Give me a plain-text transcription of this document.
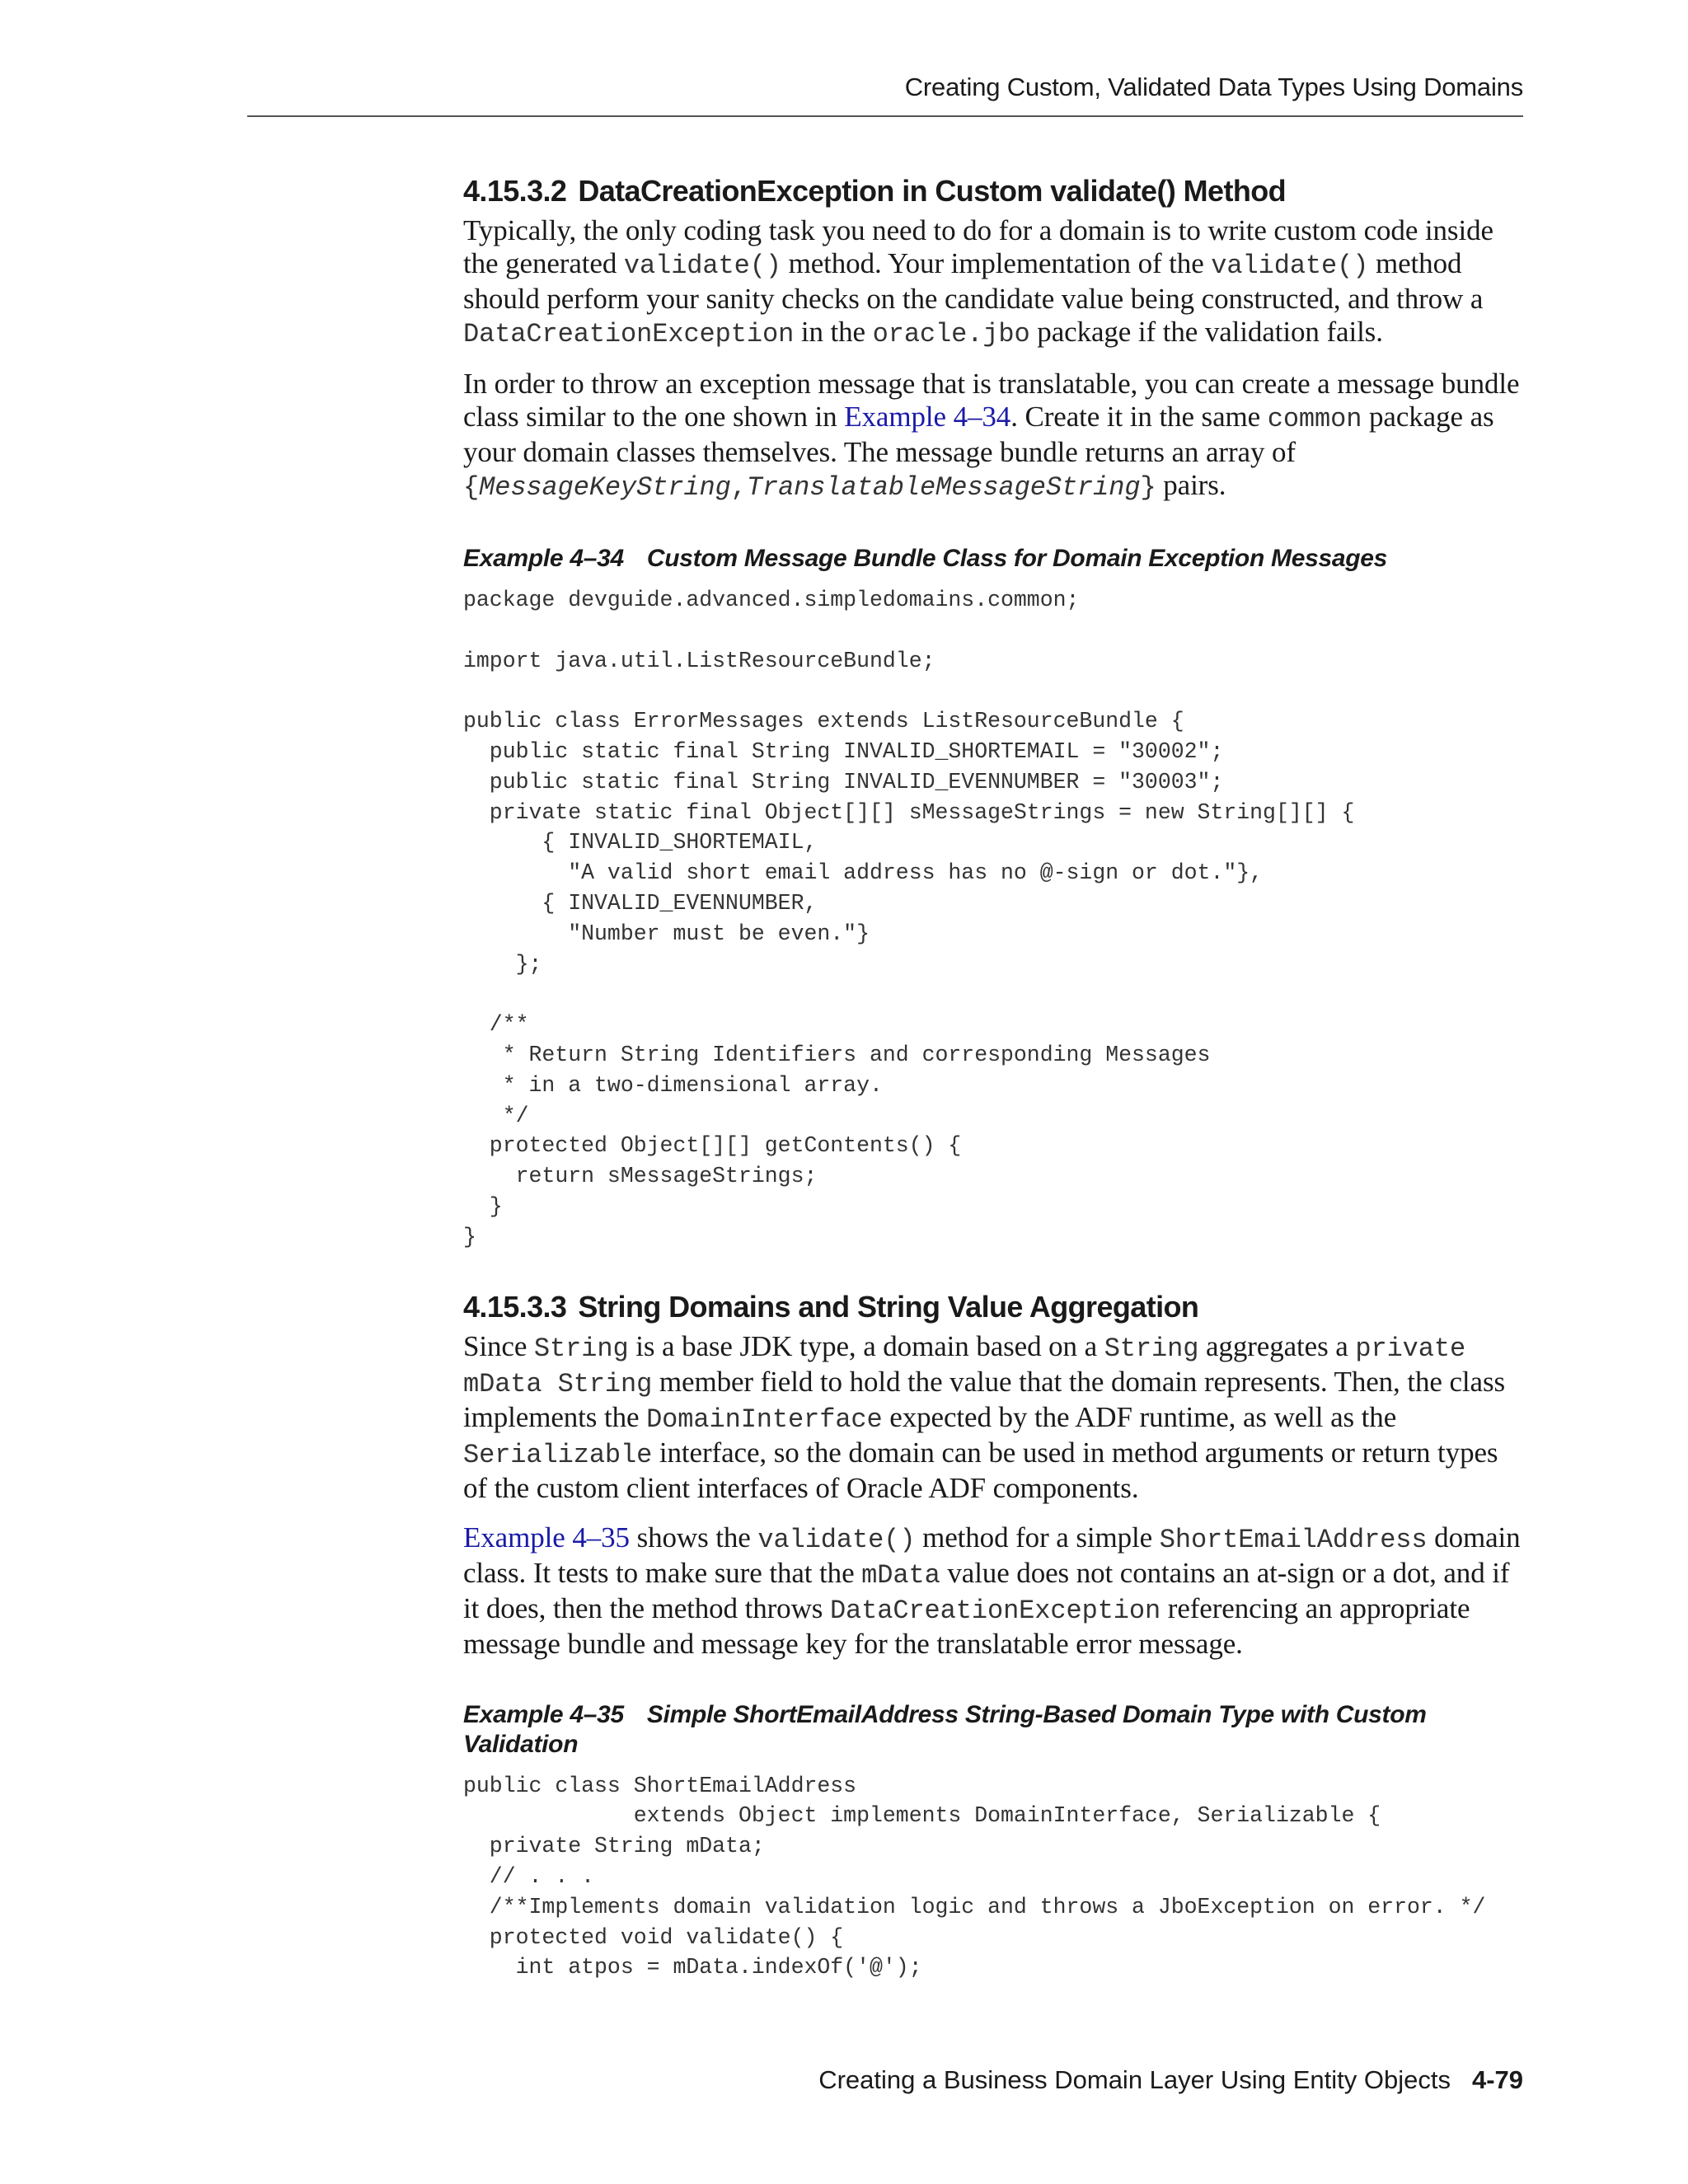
Creating Custom, Validated Data Types Using Domains
4.15.3.2 DataCreationException in Custom validate() Method

Typically, the only coding task you need to do for a domain is to write custom code inside the generated validate() method. Your implementation of the validate() method should perform your sanity checks on the candidate value being constructed, and throw a DataCreationException in the oracle.jbo package if the validation fails.

In order to throw an exception message that is translatable, you can create a message bundle class similar to the one shown in Example 4–34. Create it in the same common package as your domain classes themselves. The message bundle returns an array of {MessageKeyString,TranslatableMessageString} pairs.

Example 4–34 Custom Message Bundle Class for Domain Exception Messages
package devguide.advanced.simpledomains.common;
import java.util.ListResourceBundle;
public class ErrorMessages extends ListResourceBundle {
public static final String INVALID_SHORTEMAIL = "30002";
public static final String INVALID_EVENNUMBER = "30003";
private static final Object[][] sMessageStrings = new String[][] {
{ INVALID_SHORTEMAIL,
"A valid short email address has no @-sign or dot."},
{ INVALID_EVENNUMBER,
"Number must be even."}
};
/**
* Return String Identifiers and corresponding Messages
* in a two-dimensional array.
*/
protected Object[][] getContents() {
return sMessageStrings;
}
}
4.15.3.3 String Domains and String Value Aggregation

Since String is a base JDK type, a domain based on a String aggregates a private mData String member field to hold the value that the domain represents. Then, the class implements the DomainInterface expected by the ADF runtime, as well as the Serializable interface, so the domain can be used in method arguments or return types of the custom client interfaces of Oracle ADF components.

Example 4–35 shows the validate() method for a simple ShortEmailAddress domain class. It tests to make sure that the mData value does not contains an at-sign or a dot, and if it does, then the method throws DataCreationException referencing an appropriate message bundle and message key for the translatable error message.

Example 4–35 Simple ShortEmailAddress String-Based Domain Type with Custom Validation
public class ShortEmailAddress
extends Object implements DomainInterface, Serializable {
private String mData;
// . . .
/**Implements domain validation logic and throws a JboException on error. */
protected void validate() {
int atpos = mData.indexOf('@');
Creating a Business Domain Layer Using Entity Objects 4-79
